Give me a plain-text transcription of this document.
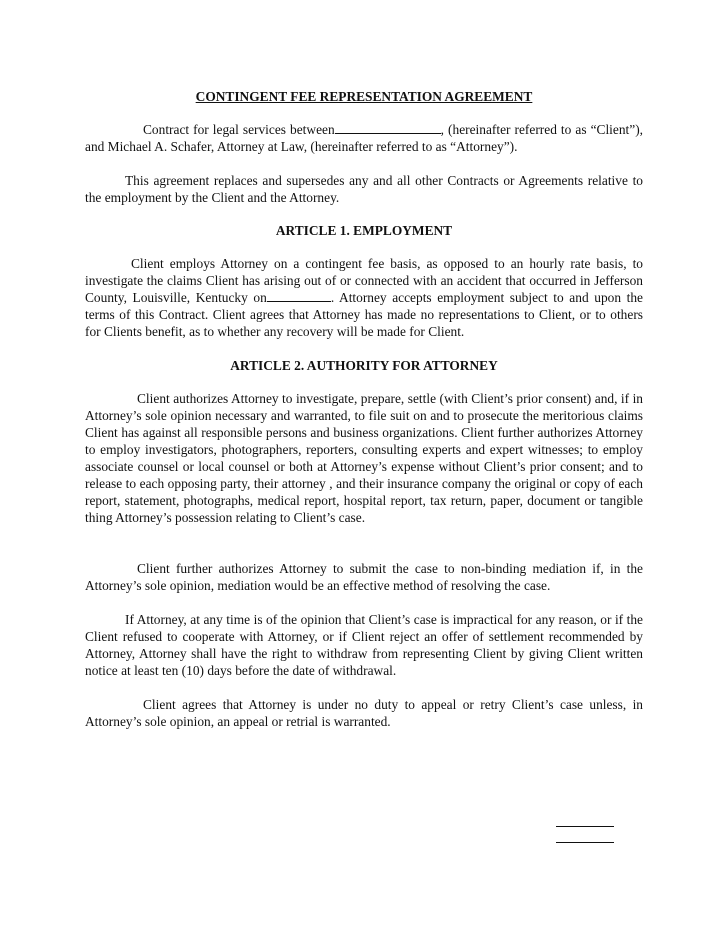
CONTINGENT FEE REPRESENTATION AGREEMENT

Contract for legal services between	, (hereinafter referred to as “Client”), and Michael A. Schafer, Attorney at Law, (hereinafter referred to as “Attorney”).

This agreement replaces and supersedes any and all other Contracts or Agreements relative to the employment by the Client and the Attorney.

ARTICLE 1. EMPLOYMENT

Client employs Attorney on a contingent fee basis, as opposed to an hourly rate basis, to investigate the claims Client has arising out of or connected with an accident that occurred in Jefferson County, Louisville, Kentucky on	. Attorney accepts employment subject to and upon the terms of this Contract. Client agrees that Attorney has made no representations to Client, or to others for Clients benefit, as to whether any recovery will be made for Client.

ARTICLE 2. AUTHORITY FOR ATTORNEY

Client authorizes Attorney to investigate, prepare, settle (with Client’s prior consent) and, if in Attorney’s sole opinion necessary and warranted, to file suit on and to prosecute the meritorious claims Client has against all responsible persons and business organizations. Client further authorizes Attorney to employ investigators, photographers, reporters, consulting experts and expert witnesses; to employ associate counsel or local counsel or both at Attorney’s expense without Client’s prior consent; and to release to each opposing party, their attorney , and their insurance company the original or copy of each report, statement, photographs, medical report, hospital report, tax return, paper, document or tangible thing Attorney’s possession relating to Client’s case.

Client further authorizes Attorney to submit the case to non-binding mediation if, in the Attorney’s sole opinion, mediation would be an effective method of resolving the case.

If Attorney, at any time is of the opinion that Client’s case is impractical for any reason, or if the Client refused to cooperate with Attorney, or if Client reject an offer of settlement recommended by Attorney, Attorney shall have the right to withdraw from representing Client by giving Client written notice at least ten (10) days before the date of withdrawal.

Client agrees that Attorney is under no duty to appeal or retry Client’s case unless, in Attorney’s sole opinion, an appeal or retrial is warranted.
